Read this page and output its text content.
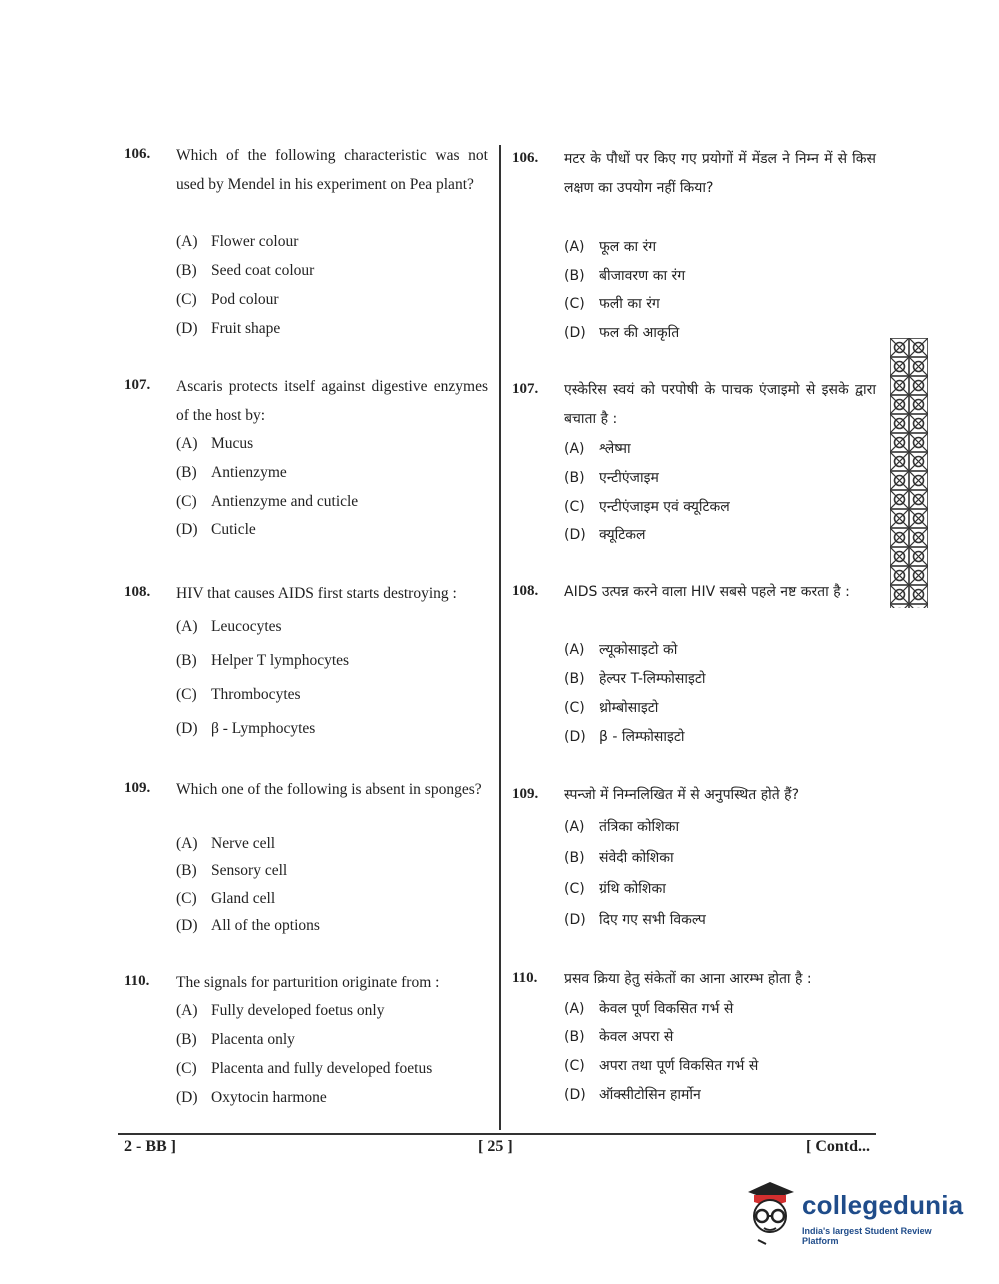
106. Which of the following characteristic was not used by Mendel in his experiment on Pea plant?
(A) Flower colour
(B) Seed coat colour
(C) Pod colour
(D) Fruit shape
107. Ascaris protects itself against digestive enzymes of the host by:
(A) Mucus
(B) Antienzyme
(C) Antienzyme and cuticle
(D) Cuticle
108. HIV that causes AIDS first starts destroying :
(A) Leucocytes
(B) Helper T lymphocytes
(C) Thrombocytes
(D) β - Lymphocytes
109. Which one of the following is absent in sponges?
(A) Nerve cell
(B) Sensory cell
(C) Gland cell
(D) All of the options
110. The signals for parturition originate from :
(A) Fully developed foetus only
(B) Placenta only
(C) Placenta and fully developed foetus
(D) Oxytocin harmone
106. मटर के पौधों पर किए गए प्रयोगों में मेंडल ने निम्न में से किस लक्षण का उपयोग नहीं किया?
(A) फूल का रंग
(B) बीजावरण का रंग
(C) फली का रंग
(D) फल की आकृति
107. एस्केरिस स्वयं को परपोषी के पाचक एंजाइमो से इसके द्वारा बचाता है :
(A) श्लेष्मा
(B) एन्टीएंजाइम
(C) एन्टीएंजाइम एवं क्यूटिकल
(D) क्यूटिकल
108. AIDS उत्पन्न करने वाला HIV सबसे पहले नष्ट करता है :
(A) ल्यूकोसाइटो को
(B) हेल्पर T-लिम्फोसाइटो
(C) थ्रोम्बोसाइटो
(D) β - लिम्फोसाइटो
109. स्पन्जो में निम्नलिखित में से अनुपस्थित होते हैं?
(A) तंत्रिका कोशिका
(B) संवेदी कोशिका
(C) ग्रंथि कोशिका
(D) दिए गए सभी विकल्प
110. प्रसव क्रिया हेतु संकेतों का आना आरम्भ होता है :
(A) केवल पूर्ण विकसित गर्भ से
(B) केवल अपरा से
(C) अपरा तथा पूर्ण विकसित गर्भ से
(D) ऑक्सीटोसिन हार्मोन
2 - BB ]	[ 25 ]	[ Contd...
collegedunia
India's largest Student Review Platform
